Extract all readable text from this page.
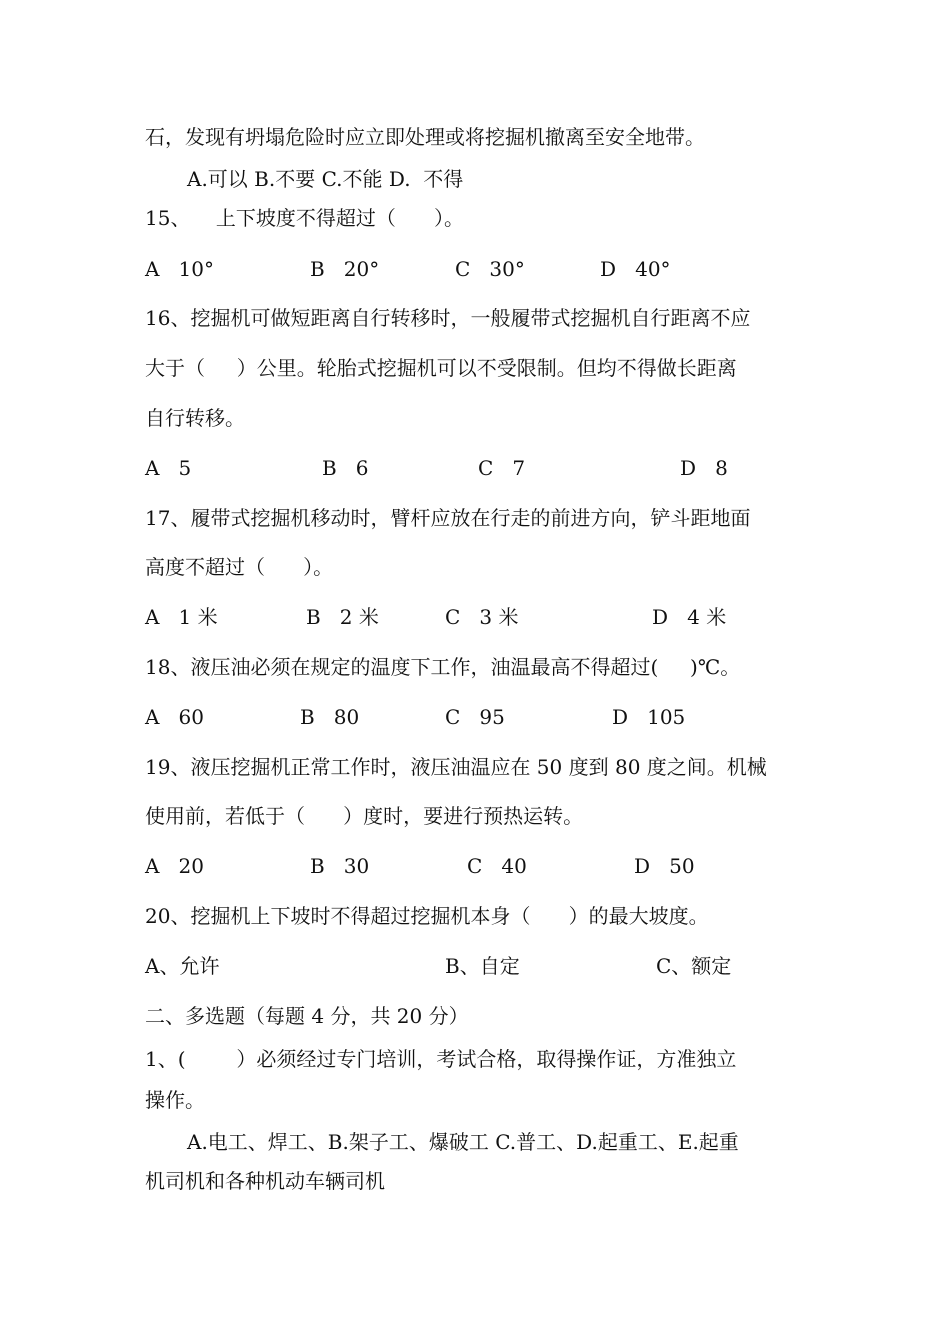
石，发现有坍塌危险时应立即处理或将挖掘机撤离至安全地带。
A.可以 B.不要 C.不能 D.  不得
15、    上下坡度不得超过（      ）。
A   10°	B   20°	C   30°	D   40°
16、挖掘机可做短距离自行转移时，一般履带式挖掘机自行距离不应
大于（     ）公里。轮胎式挖掘机可以不受限制。但均不得做长距离
自行转移。
A   5	B   6	C   7	D   8
17、履带式挖掘机移动时，臂杆应放在行走的前进方向，铲斗距地面
高度不超过（      ）。
A   1 米	B   2 米	C   3 米	D   4 米
18、液压油必须在规定的温度下工作，油温最高不得超过(     )℃。
A   60	B   80	C   95	D   105
19、液压挖掘机正常工作时，液压油温应在 50 度到 80 度之间。机械
使用前，若低于（      ）度时，要进行预热运转。
A   20	B   30	C   40	D   50
20、挖掘机上下坡时不得超过挖掘机本身（      ）的最大坡度。
A、允许	B、自定	C、额定
二、多选题（每题 4 分，共 20 分）
1、(        ）必须经过专门培训，考试合格，取得操作证，方准独立
操作。
A.电工、焊工、B.架子工、爆破工 C.普工、D.起重工、E.起重
机司机和各种机动车辆司机
